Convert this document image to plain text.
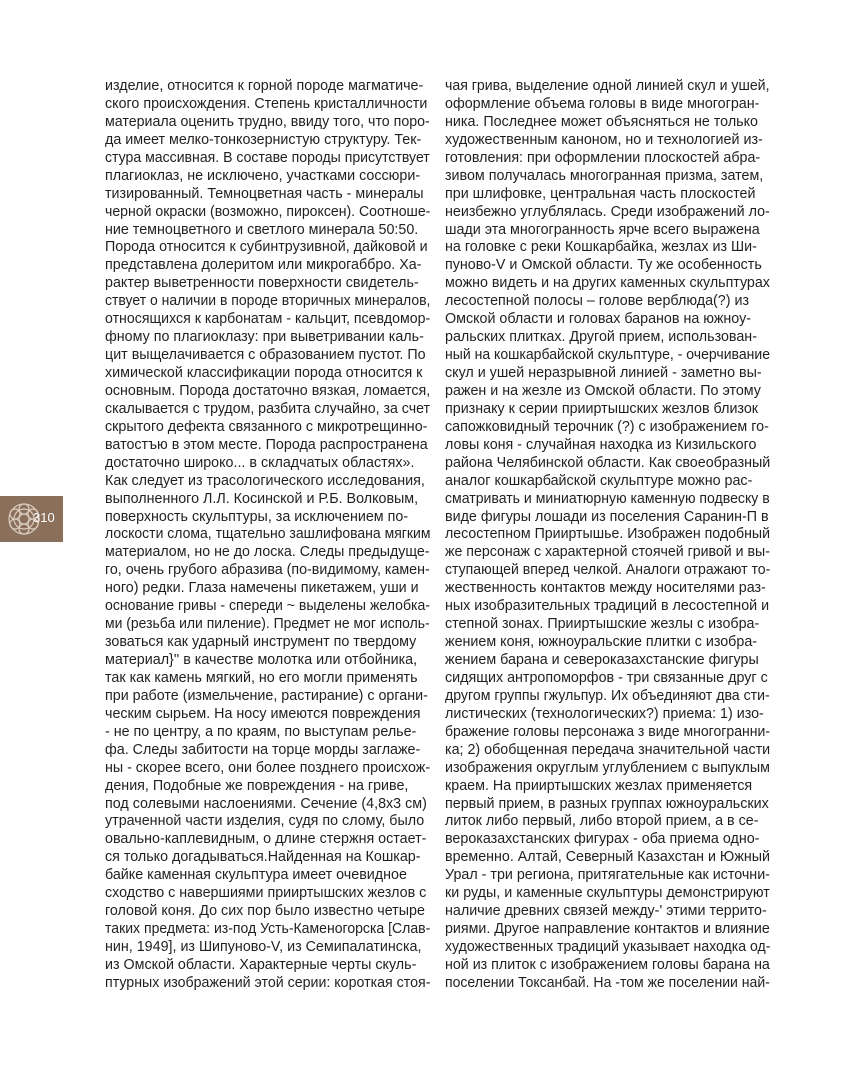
изделие, относится к горной породе магматиче-
ского происхождения. Степень кристалличности
материала оценить трудно, ввиду того, что поро-
да имеет мелко-тонкозернистую структуру. Тек-
стура массивная. В составе породы присутствует
плагиоклаз, не исключено, участками соссюри-
тизированный. Темноцветная часть - минералы
черной окраски (возможно, пироксен). Соотноше-
ние темноцветного и светлого минерала 50:50.
Порода относится к субинтрузивной, дайковой и
представлена долеритом или микрогаббро. Ха-
рактер выветренности поверхности свидетель-
ствует о наличии в породе вторичных минералов,
относящихся к карбонатам - кальцит, псевдомор-
фному по плагиоклазу: при выветривании каль-
цит выщелачивается с образованием пустот. По
химической классификации порода относится к
основным. Порода достаточно вязкая, ломается,
скалывается с трудом, разбита случайно, за счет
скрытого дефекта связанного с микротрещинно-
ватостъю в этом месте. Порода распространена
достаточно широко... в складчатых областях».
Как следует из трасологического исследования,
выполненного Л.Л. Косинской и Р.Б. Волковым,
поверхность скульптуры, за исключением по-
лоскости слома, тщательно зашлифована мягким
материалом, но не до лоска. Следы предыдуще-
го, очень грубого абразива (по-видимому, камен-
ного) редки. Глаза намечены пикетажем, уши и
основание гривы - спереди ~ выделены желобка-
ми (резьба или пиление). Предмет не мог исполь-
зоваться как ударный инструмент по твердому
материал}'' в качестве молотка или отбойника,
так как камень мягкий, но его могли применять
при работе (измельчение, растирание) с органи-
ческим сырьем. На носу имеются повреждения
- не по центру, а по краям, по выступам релье-
фа. Следы забитости на торце морды заглаже-
ны - скорее всего, они более позднего происхож-
дения, Подобные же повреждения - на гриве,
под солевыми наслоениями. Сечение (4,8x3 см)
утраченной части изделия, судя по слому, было
овально-каплевидным, о длине стержня остает-
ся только догадываться.Найденная на Кошкар-
байке каменная скульптура имеет очевидное
сходство с навершиями прииртышских жезлов с
головой коня. До сих пор было известно четыре
таких предмета: из-под Усть-Каменогорска [Слав-
нин, 1949], из Шипуново-V, из Семипалатинска,
из Омской области. Характерные черты скуль-
птурных изображений этой серии: короткая стоя-
чая грива, выделение одной линией скул и ушей,
оформление объема головы в виде многогран-
ника. Последнее может объясняться не только
художественным каноном, но и технологией из-
готовления: при оформлении плоскостей абра-
зивом получалась многогранная призма, затем,
при шлифовке, центральная часть плоскостей
неизбежно углублялась. Среди изображений ло-
шади эта многогранность ярче всего выражена
на головке с реки Кошкарбайка, жезлах из Ши-
пуново-V и Омской области. Ту же особенность
можно видеть и на других каменных скульптурах
лесостепной полосы – голове верблюда(?) из
Омской области и головах баранов на южноу-
ральских плитках. Другой прием, использован-
ный на кошкарбайской скульптуре, - очерчивание
скул и ушей неразрывной линией - заметно вы-
ражен и на жезле из Омской области. По этому
признаку к серии прииртышских жезлов близок
сапожковидный терочник (?) с изображением го-
ловы коня - случайная находка из Кизильского
района Челябинской области. Как своеобразный
аналог кошкарбайской скульптуре можно рас-
сматривать и миниатюрную каменную подвеску в
виде фигуры лошади из поселения Саранин-П в
лесостепном Прииртышье. Изображен подобный
же персонаж с характерной стоячей гривой и вы-
ступающей вперед челкой. Аналоги отражают то-
жественность контактов между носителями раз-
ных изобразительных традиций в лесостепной и
степной зонах. Прииртышские жезлы с изобра-
жением коня, южноуральские плитки с изобра-
жением барана и североказахстанские фигуры
сидящих антропоморфов - три связанные друг с
другом группы гжульпур. Их объединяют два сти-
листических (технологических?) приема: 1) изо-
бражение головы персонажа з виде многогранни-
ка; 2) обобщенная передача значительной части
изображения округлым углублением с выпуклым
краем. На прииртышских жезлах применяется
первый прием, в разных группах южноуральских
литок либо первый, либо второй прием, а в се-
вероказахстанских фигурах - оба приема одно-
временно. Алтай, Северный Казахстан и Южный
Урал - три региона, притягательные как источни-
ки руды, и каменные скульптуры демонстрируют
наличие древних связей между-' этими террито-
риями. Другое направление контактов и влияние
художественных традиций указывает находка од-
ной из плиток с изображением головы барана на
поселении Токсанбай. На -том же поселении най-
310
